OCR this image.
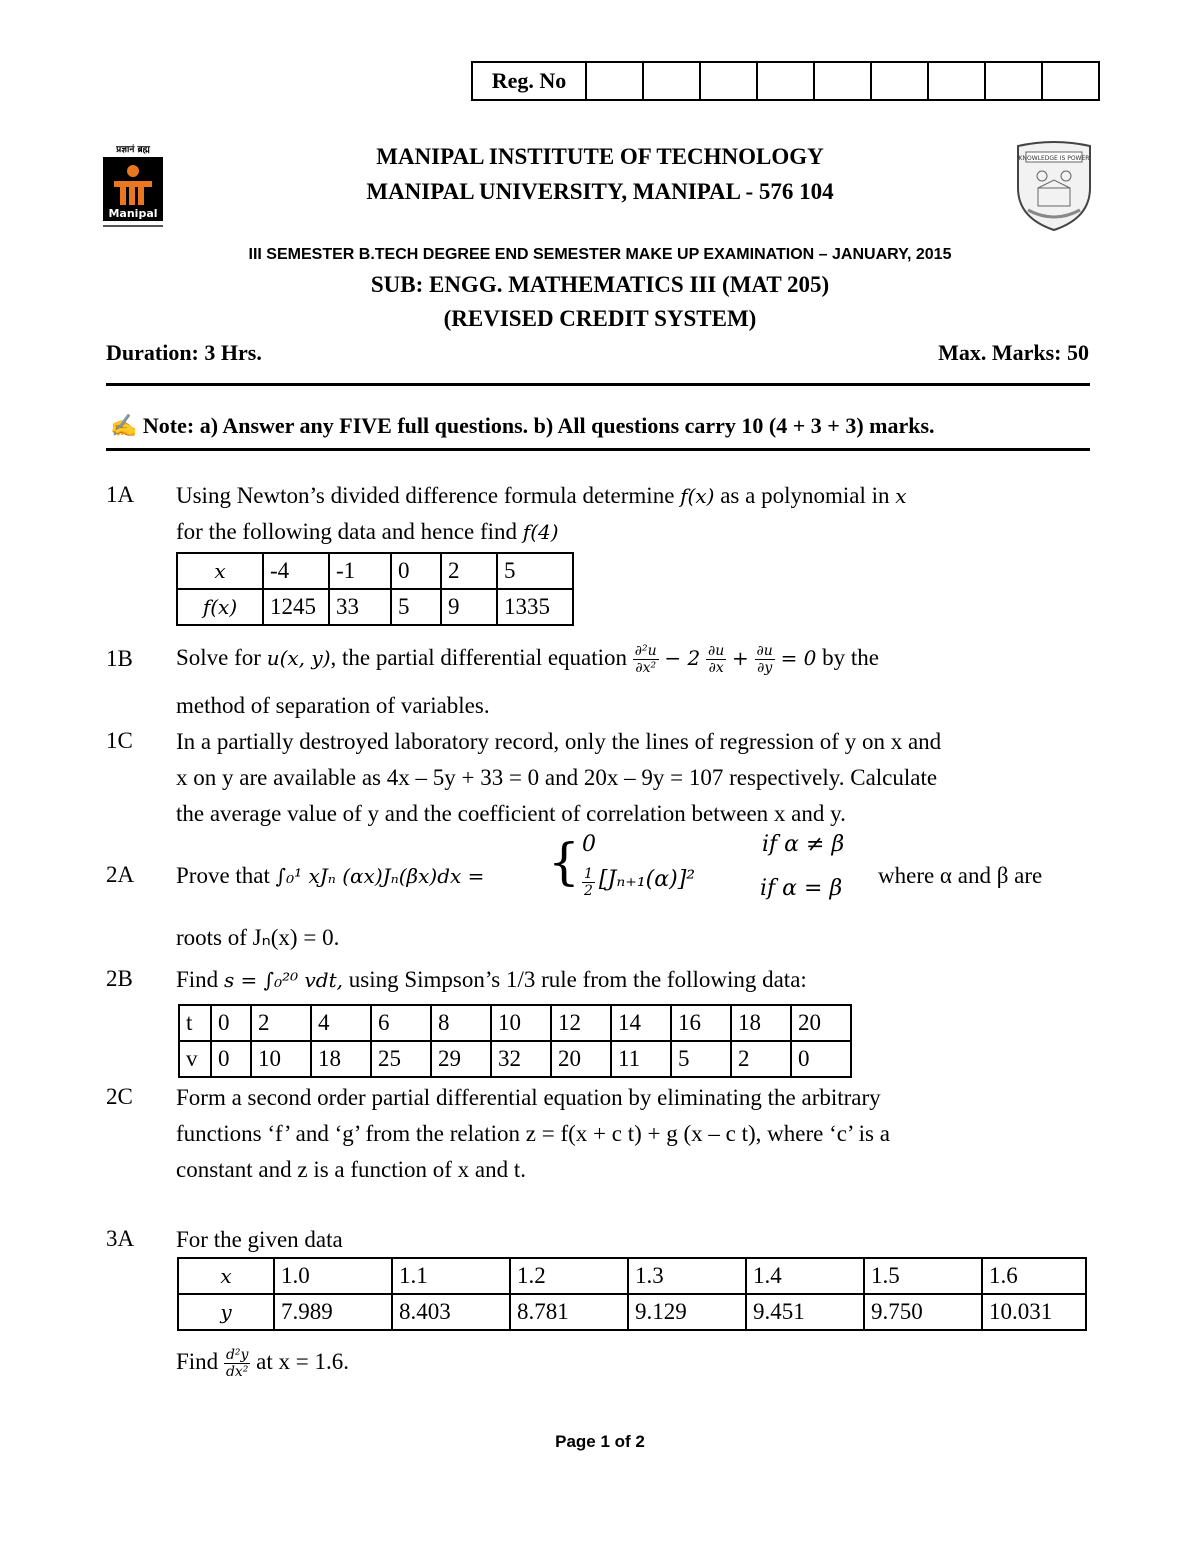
Reg. No
प्रज्ञानं ब्रह्म
Manipal
KNOWLEDGE IS POWER
MANIPAL INSTITUTE OF TECHNOLOGY
MANIPAL UNIVERSITY, MANIPAL - 576 104
III SEMESTER B.TECH DEGREE END SEMESTER MAKE UP EXAMINATION – JANUARY, 2015
SUB: ENGG. MATHEMATICS III (MAT 205)
(REVISED CREDIT SYSTEM)
Duration: 3 Hrs.	Max. Marks: 50
✍ Note: a) Answer any FIVE full questions. b) All questions carry 10 (4 + 3 + 3) marks.
1A Using Newton’s divided difference formula determine f(x) as a polynomial in x
for the following data and hence find f(4)
x	-4	-1	0	2	5
f(x)	1245	33	5	9	1335
1B Solve for u(x, y), the partial differential equation $\frac{\text{∂²u}}{\text{∂x²}} - 2 \frac{\partial u}{\partial x} + \frac{\partial u}{\partial y} = 0$ by the
method of separation of variables.
1C In a partially destroyed laboratory record, only the lines of regression of y on x and
x on y are available as 4x – 5y + 33 = 0 and 20x – 9y = 107 respectively. Calculate
the average value of y and the coefficient of correlation between x and y.
2A Prove that ∫₀¹ xJₙ (αx)Jₙ(βx)dx = { 0	if α ≠ β
$\frac{1}{2} [J_{n+1}(\alpha)]^2$	if α = β
where α and β are
roots of Jₙ(x) = 0.
2B Find s = ∫₀²⁰ vdt, using Simpson’s 1/3 rule from the following data:
t	0	2	4	6	8	10	12	14	16	18	20
v	0	10	18	25	29	32	20	11	5	2	0
2C Form a second order partial differential equation by eliminating the arbitrary
functions ‘f’ and ‘g’ from the relation z = f(x + c t) + g (x – c t), where ‘c’ is a
constant and z is a function of x and t.
3A For the given data
x	1.0	1.1	1.2	1.3	1.4	1.5	1.6
y	7.989	8.403	8.781	9.129	9.451	9.750	10.031
Find $\frac{\text{d²y}}{\text{dx²}}$ at x = 1.6.
Page 1 of 2
